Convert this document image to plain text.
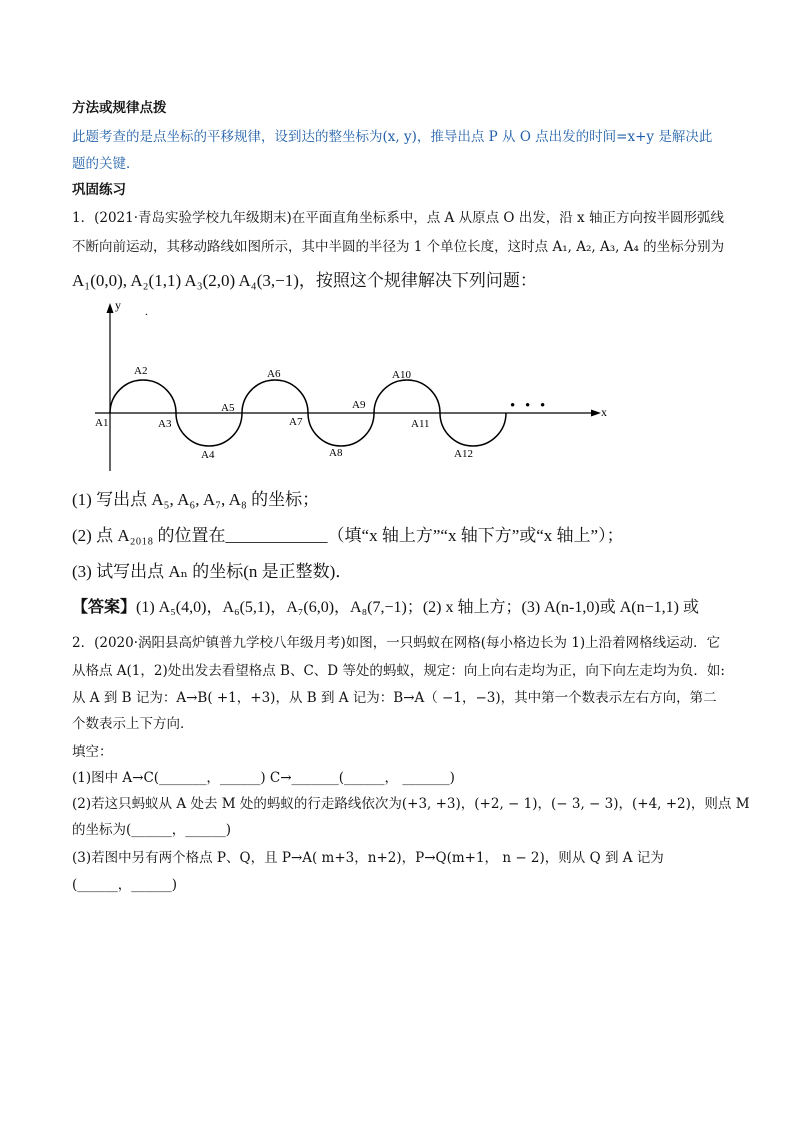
方法或规律点拨
此题考查的是点坐标的平移规律，设到达的整坐标为(x, y)，推导出点 P 从 O 点出发的时间=x+y 是解决此
题的关键．
巩固练习
1．(2021·青岛实验学校九年级期末)在平面直角坐标系中，点 A 从原点 O 出发，沿 x 轴正方向按半圆形弧线
不断向前运动，其移动路线如图所示，其中半圆的半径为 1 个单位长度，这时点 A₁, A₂, A₃, A₄ 的坐标分别为
A₁(0,0), A₂(1,1) A₃(2,0) A₄(3,−1)，按照这个规律解决下列问题：
y .
x
• • •
A1
A2
A3
A4
A5
A6
A7
A8
A9
A10
A11
A12
(1) 写出点 A₅, A₆, A₇, A₈ 的坐标；
(2) 点 A₂₀₁₈ 的位置在____________（填“x 轴上方”“x 轴下方”或“x 轴上”）；
(3) 试写出点 Aₙ 的坐标(n 是正整数)．
【答案】(1) A₅(4,0)，A₆(5,1)，A₇(6,0)，A₈(7,−1)；(2) x 轴上方；(3) A(n-1,0)或 A(n−1,1) 或
2．(2020·涡阳县高炉镇普九学校八年级月考)如图，一只蚂蚁在网格(每小格边长为 1)上沿着网格线运动．它
从格点 A(1，2)处出发去看望格点 B、C、D 等处的蚂蚁，规定：向上向右走均为正，向下向左走均为负．如:
从 A 到 B 记为：A→B( +1，+3)，从 B 到 A 记为：B→A（ −1，−3)，其中第一个数表示左右方向，第二
个数表示上下方向．
填空：
(1)图中 A→C(_______，______) C→_______(______， _______)
(2)若这只蚂蚁从 A 处去 M 处的蚂蚁的行走路线依次为(+3, +3)，(+2, − 1)，(− 3, − 3)，(+4, +2)，则点 M
的坐标为(______，______)
(3)若图中另有两个格点 P、Q，且 P→A( m+3，n+2)，P→Q(m+1， n − 2)，则从 Q 到 A 记为
(______，______)
